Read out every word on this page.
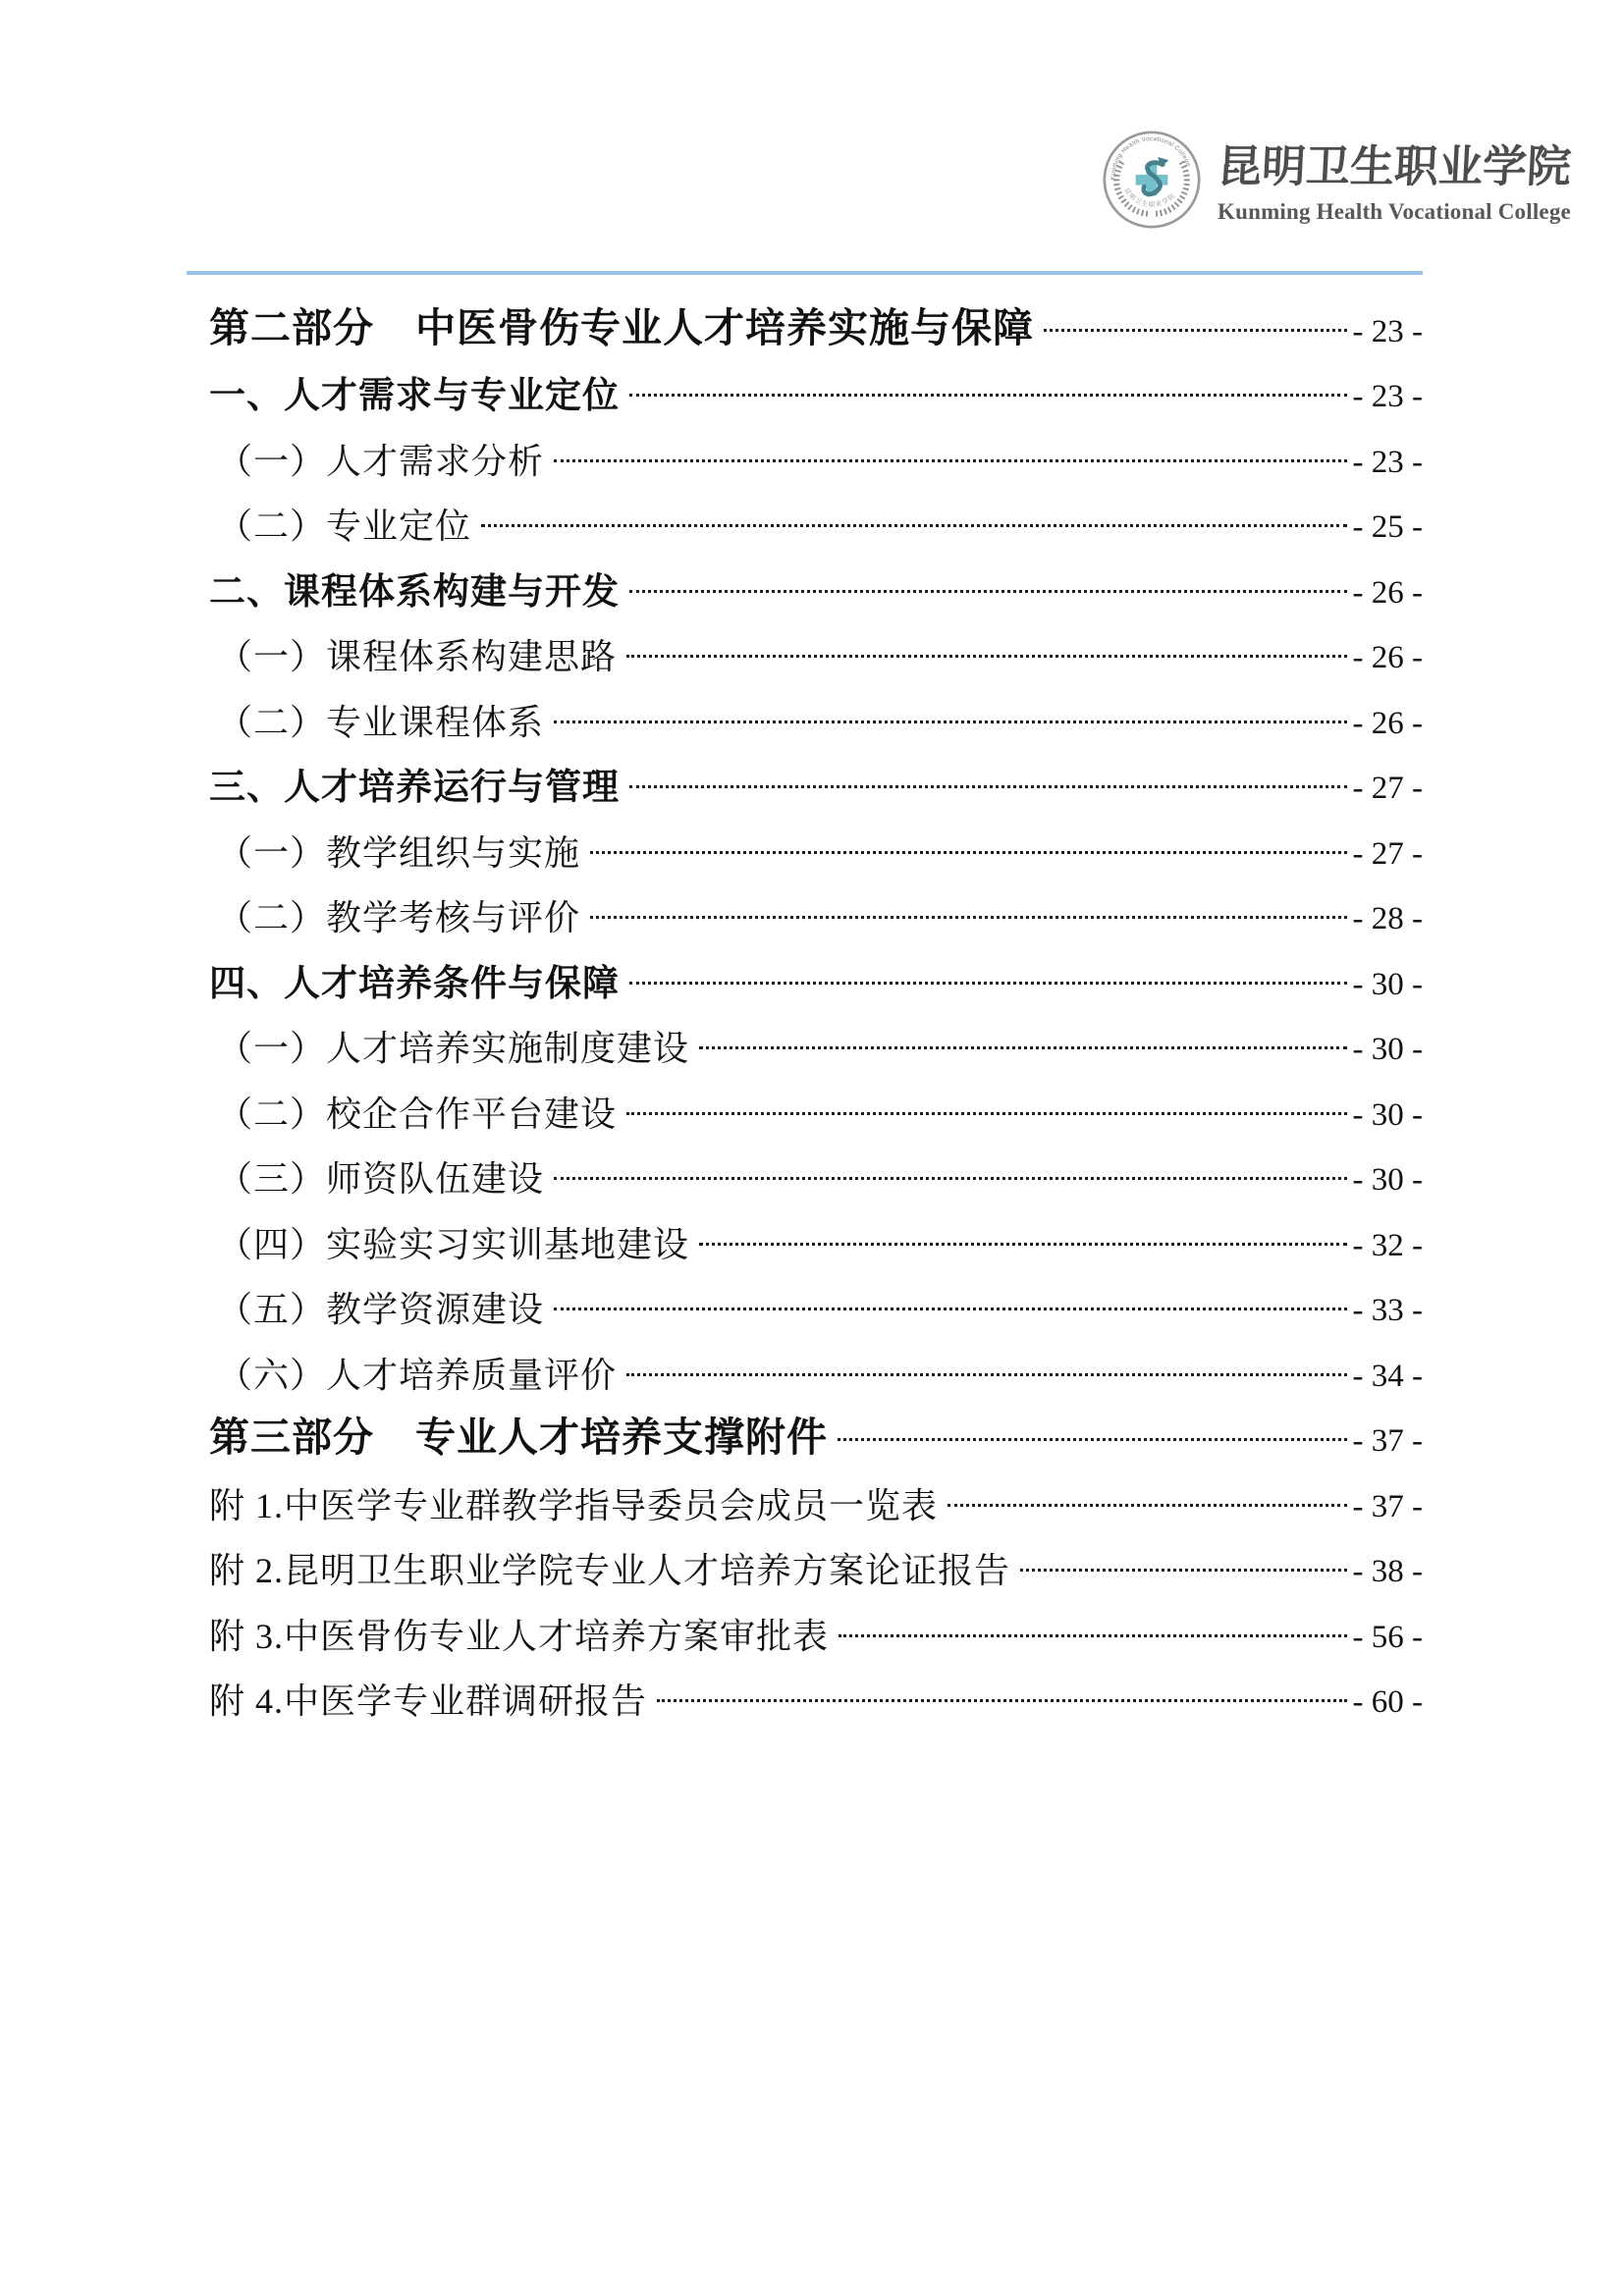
Kunming Health Vocational College
昆明卫生职业学院
昆明卫生职业学院
Kunming Health Vocational College
第二部分　中医骨伤专业人才培养实施与保障	- 23 -
一、人才需求与专业定位	- 23 -
（一）人才需求分析	- 23 -
（二）专业定位	- 25 -
二、课程体系构建与开发	- 26 -
（一）课程体系构建思路	- 26 -
（二）专业课程体系	- 26 -
三、人才培养运行与管理	- 27 -
（一）教学组织与实施	- 27 -
（二）教学考核与评价	- 28 -
四、人才培养条件与保障	- 30 -
（一）人才培养实施制度建设	- 30 -
（二）校企合作平台建设	- 30 -
（三）师资队伍建设	- 30 -
（四）实验实习实训基地建设	- 32 -
（五）教学资源建设	- 33 -
（六）人才培养质量评价	- 34 -
第三部分　专业人才培养支撑附件	- 37 -
附 1.中医学专业群教学指导委员会成员一览表	- 37 -
附 2.昆明卫生职业学院专业人才培养方案论证报告	- 38 -
附 3.中医骨伤专业人才培养方案审批表	- 56 -
附 4.中医学专业群调研报告	- 60 -
